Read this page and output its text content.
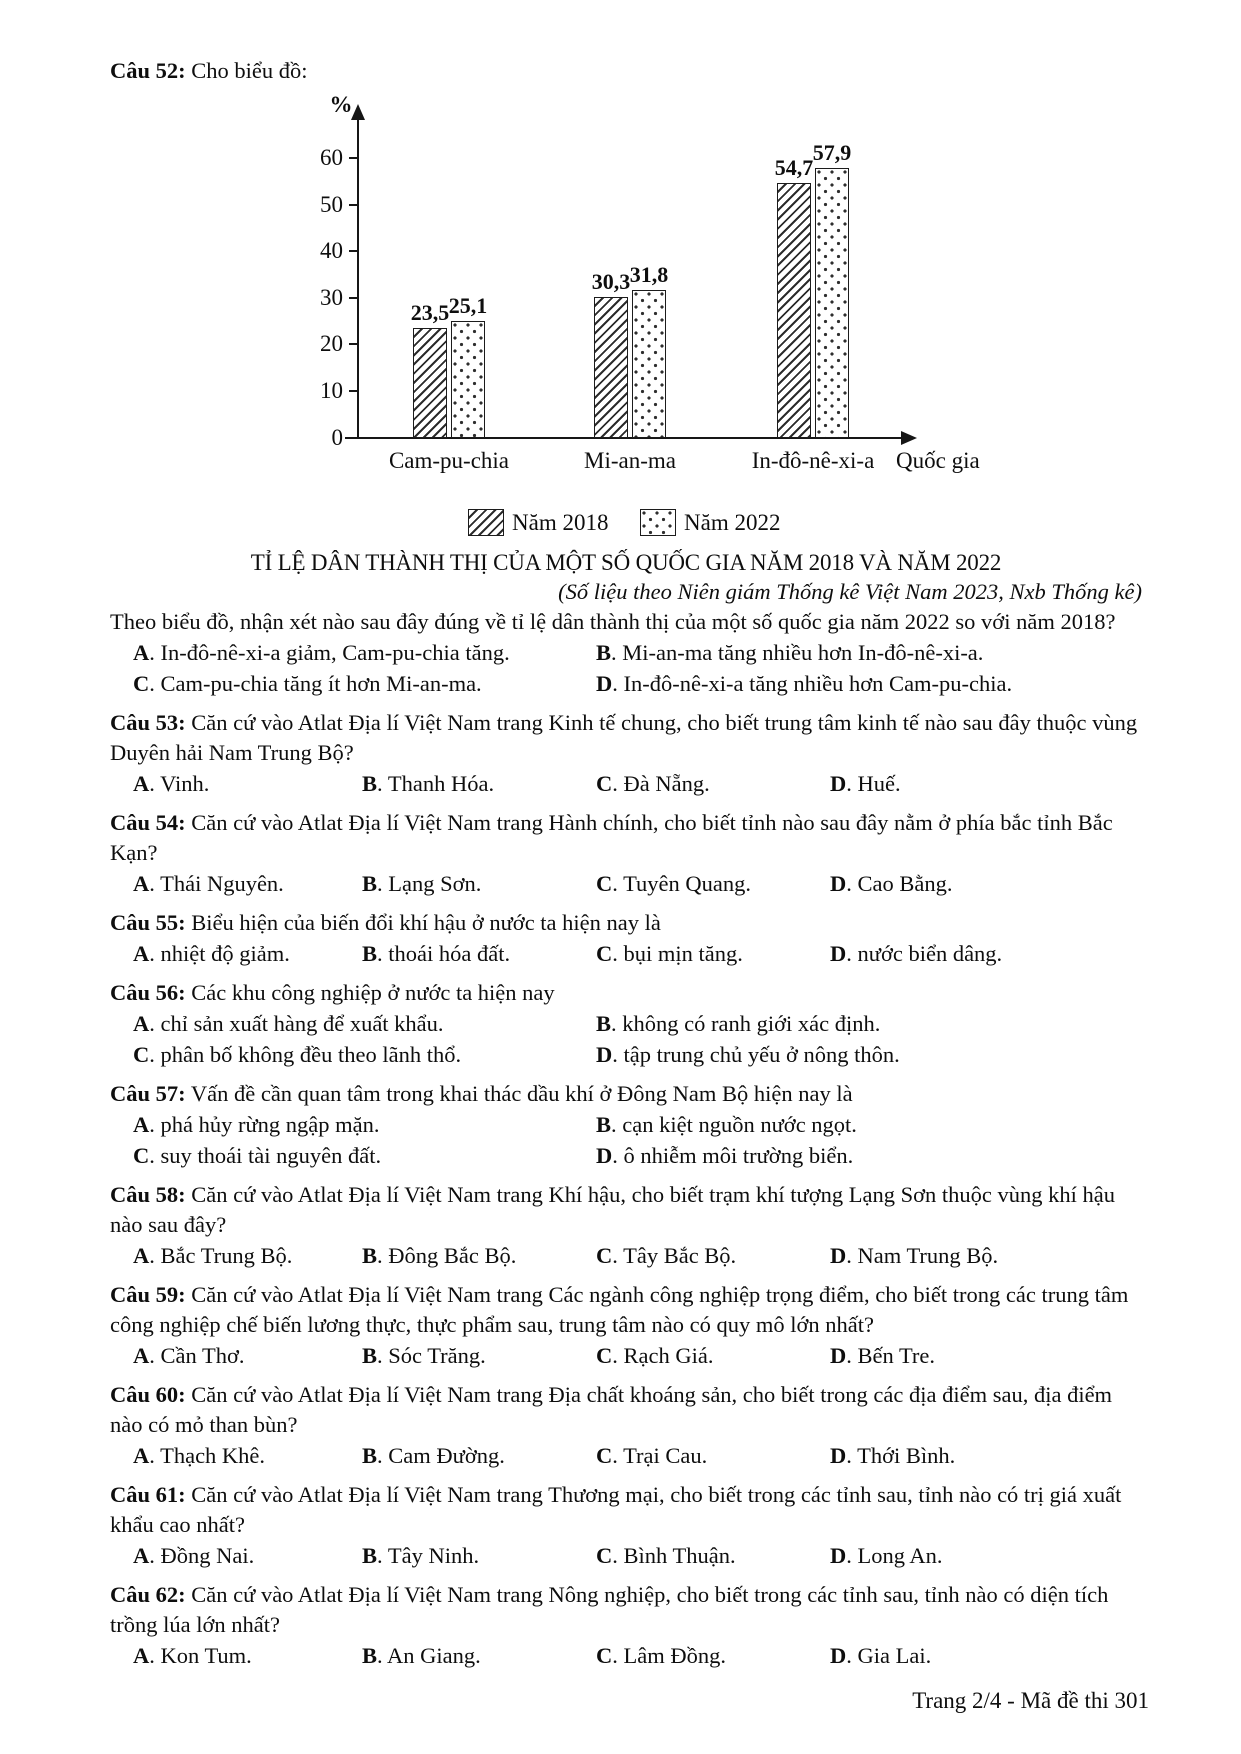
Câu 52: Cho biểu đồ:

%
0
10
20
30
40
50
60
23,5
30,3
54,7
25,1
31,8
57,9
Cam-pu-chia	Mi-an-ma	In-đô-nê-xi-a Quốc gia
Năm 2018	Năm 2022
TỈ LỆ DÂN THÀNH THỊ CỦA MỘT SỐ QUỐC GIA NĂM 2018 VÀ NĂM 2022
(Số liệu theo Niên giám Thống kê Việt Nam 2023, Nxb Thống kê)

Theo biểu đồ, nhận xét nào sau đây đúng về tỉ lệ dân thành thị của một số quốc gia năm 2022 so với năm 2018?

A. In-đô-nê-xi-a giảm, Cam-pu-chia tăng.	B. Mi-an-ma tăng nhiều hơn In-đô-nê-xi-a.
C. Cam-pu-chia tăng ít hơn Mi-an-ma.	D. In-đô-nê-xi-a tăng nhiều hơn Cam-pu-chia.

Câu 53: Căn cứ vào Atlat Địa lí Việt Nam trang Kinh tế chung, cho biết trung tâm kinh tế nào sau đây thuộc vùng Duyên hải Nam Trung Bộ?

A. Vinh.	B. Thanh Hóa.	C. Đà Nẵng.	D. Huế.

Câu 54: Căn cứ vào Atlat Địa lí Việt Nam trang Hành chính, cho biết tỉnh nào sau đây nằm ở phía bắc tỉnh Bắc Kạn?

A. Thái Nguyên.	B. Lạng Sơn.	C. Tuyên Quang.	D. Cao Bằng.

Câu 55: Biểu hiện của biến đổi khí hậu ở nước ta hiện nay là

A. nhiệt độ giảm.	B. thoái hóa đất.	C. bụi mịn tăng.	D. nước biển dâng.

Câu 56: Các khu công nghiệp ở nước ta hiện nay

A. chỉ sản xuất hàng để xuất khẩu.	B. không có ranh giới xác định.
C. phân bố không đều theo lãnh thổ.	D. tập trung chủ yếu ở nông thôn.

Câu 57: Vấn đề cần quan tâm trong khai thác dầu khí ở Đông Nam Bộ hiện nay là

A. phá hủy rừng ngập mặn.	B. cạn kiệt nguồn nước ngọt.
C. suy thoái tài nguyên đất.	D. ô nhiễm môi trường biển.

Câu 58: Căn cứ vào Atlat Địa lí Việt Nam trang Khí hậu, cho biết trạm khí tượng Lạng Sơn thuộc vùng khí hậu nào sau đây?

A. Bắc Trung Bộ.	B. Đông Bắc Bộ.	C. Tây Bắc Bộ.	D. Nam Trung Bộ.

Câu 59: Căn cứ vào Atlat Địa lí Việt Nam trang Các ngành công nghiệp trọng điểm, cho biết trong các trung tâm công nghiệp chế biến lương thực, thực phẩm sau, trung tâm nào có quy mô lớn nhất?

A. Cần Thơ.	B. Sóc Trăng.	C. Rạch Giá.	D. Bến Tre.

Câu 60: Căn cứ vào Atlat Địa lí Việt Nam trang Địa chất khoáng sản, cho biết trong các địa điểm sau, địa điểm nào có mỏ than bùn?

A. Thạch Khê.	B. Cam Đường.	C. Trại Cau.	D. Thới Bình.

Câu 61: Căn cứ vào Atlat Địa lí Việt Nam trang Thương mại, cho biết trong các tỉnh sau, tỉnh nào có trị giá xuất khẩu cao nhất?

A. Đồng Nai.	B. Tây Ninh.	C. Bình Thuận.	D. Long An.

Câu 62: Căn cứ vào Atlat Địa lí Việt Nam trang Nông nghiệp, cho biết trong các tỉnh sau, tỉnh nào có diện tích trồng lúa lớn nhất?

A. Kon Tum.	B. An Giang.	C. Lâm Đồng.	D. Gia Lai.
Trang 2/4 - Mã đề thi 301
